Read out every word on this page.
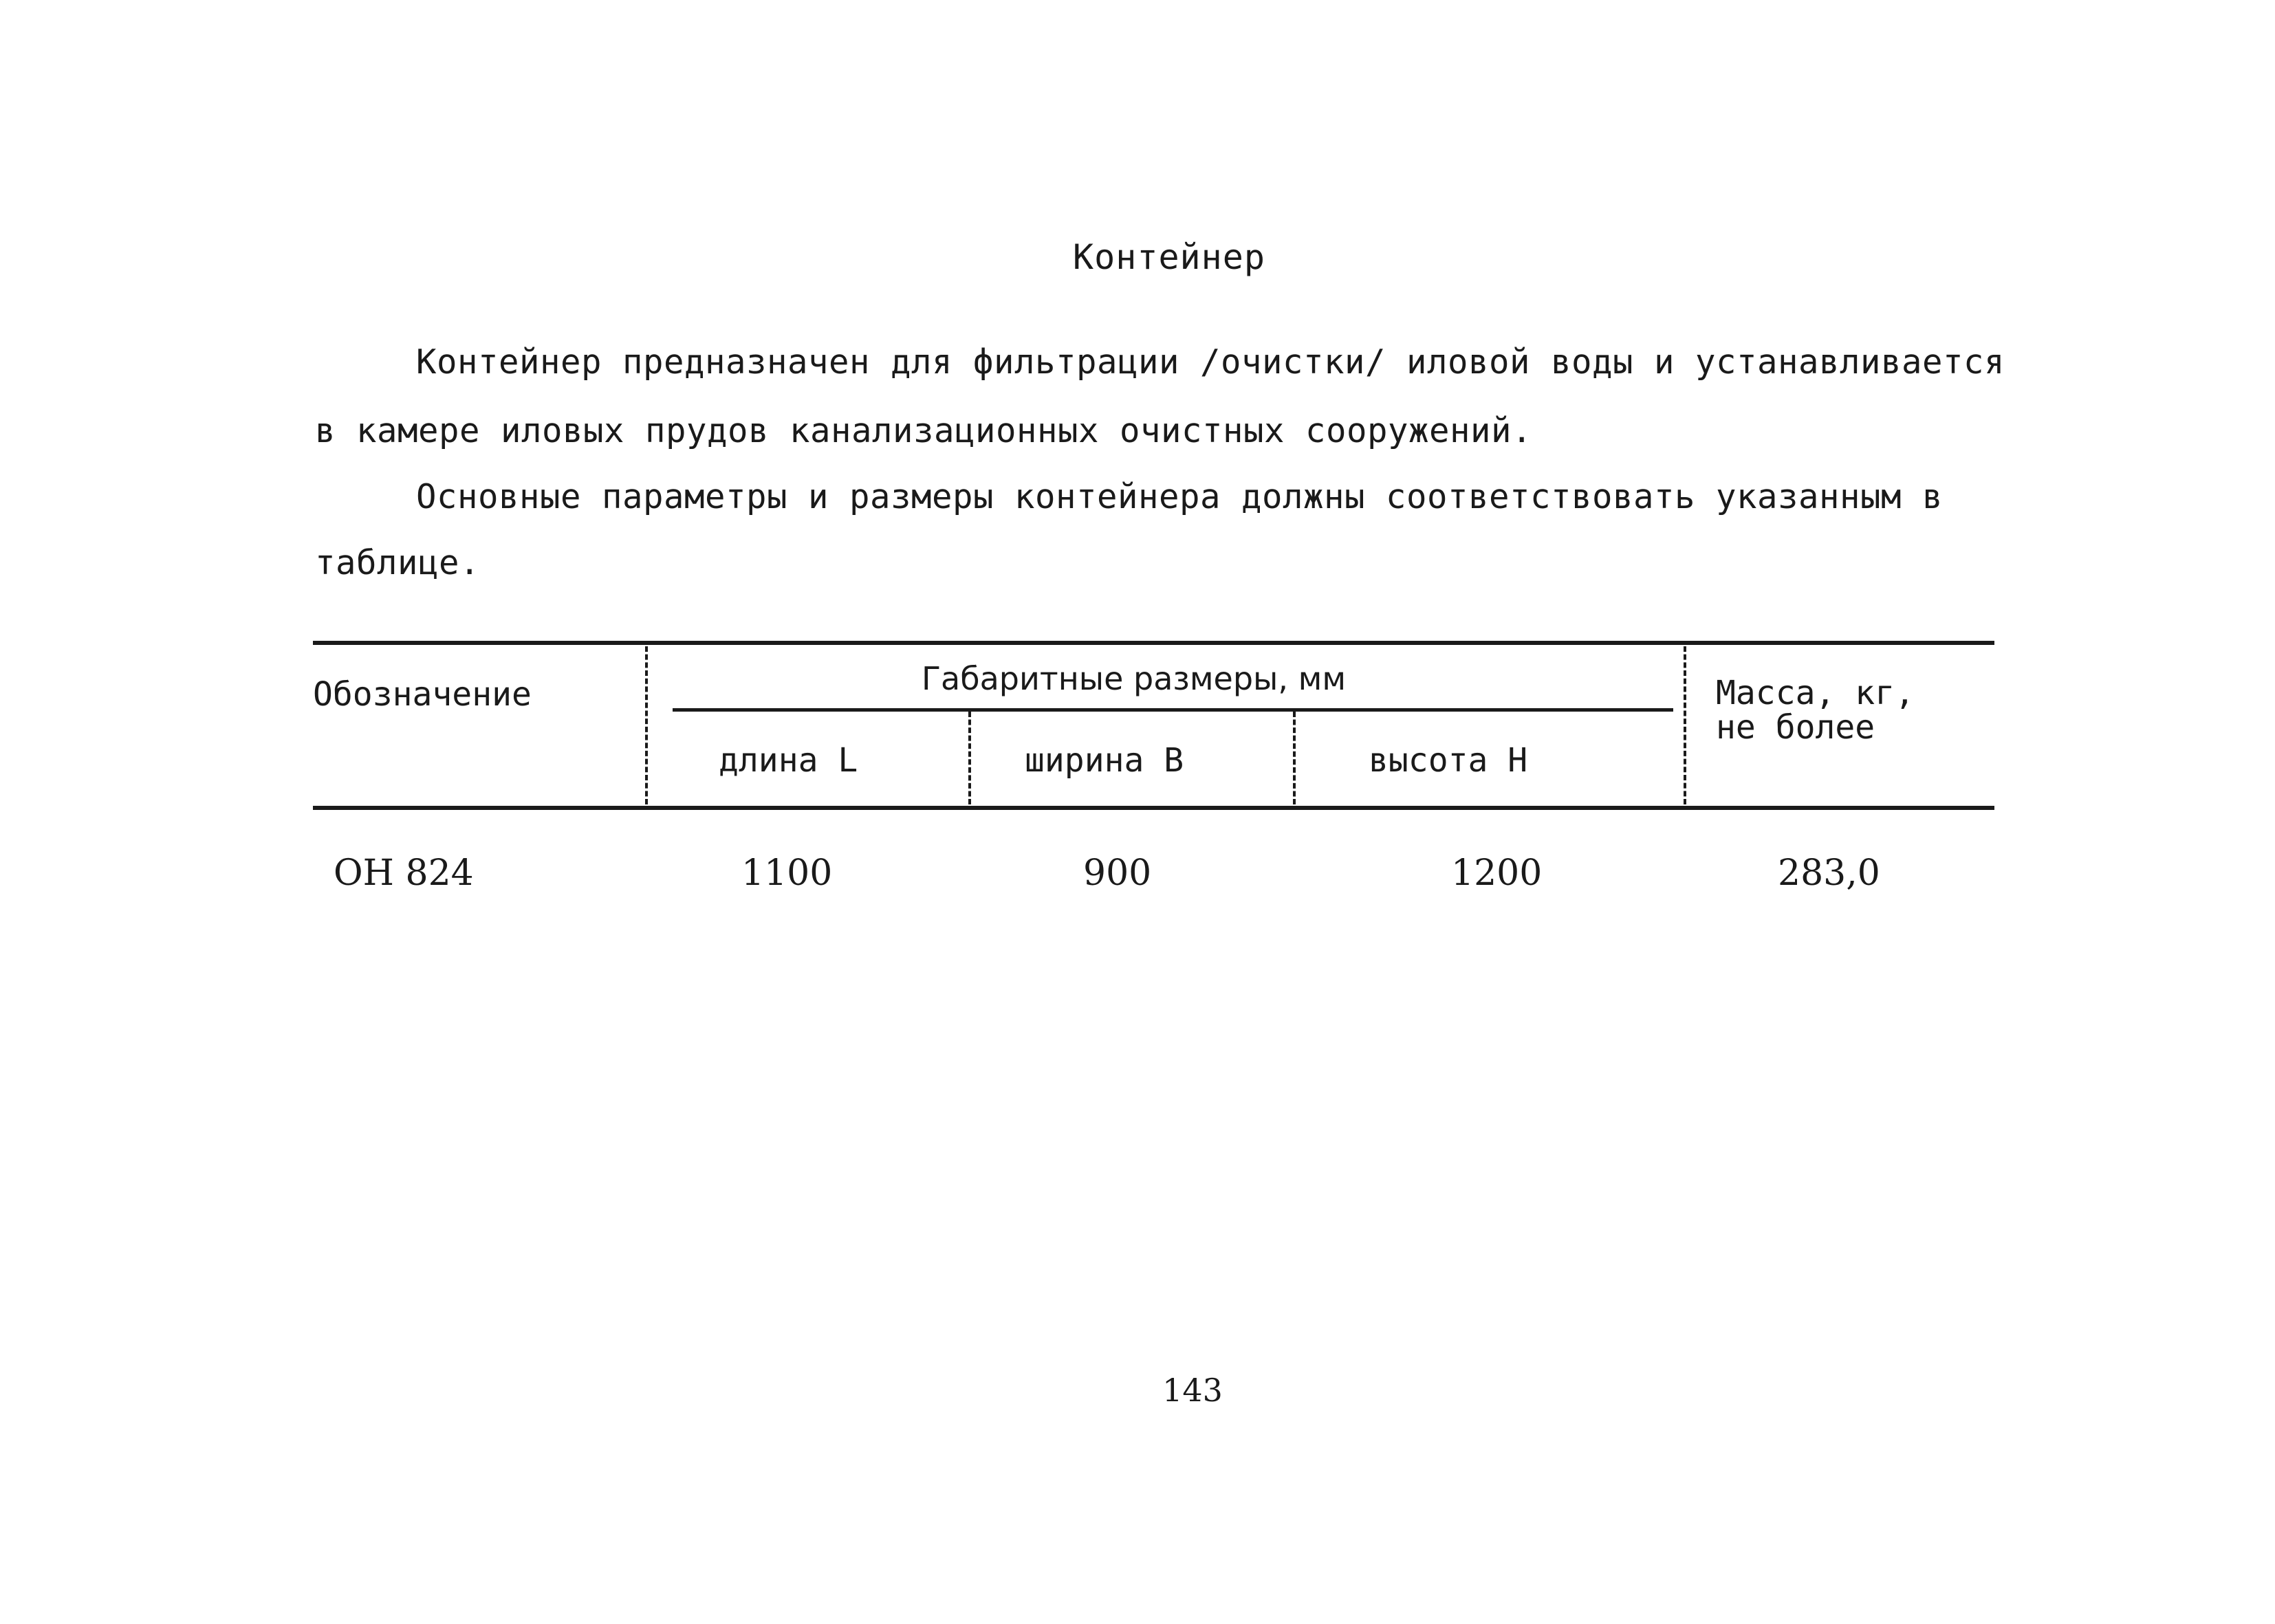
Контейнер
Контейнер предназначен для фильтрации /очистки/ иловой воды и устанавливается
в камере иловых прудов канализационных очистных сооружений.
Основные параметры и размеры контейнера должны соответствовать указанным в
таблице.
Обозначение	Габаритные размеры, мм
длина L	ширина В	высота Н
Масса, кг,
не более
ОН 824	1100	900	1200	283,0
143
